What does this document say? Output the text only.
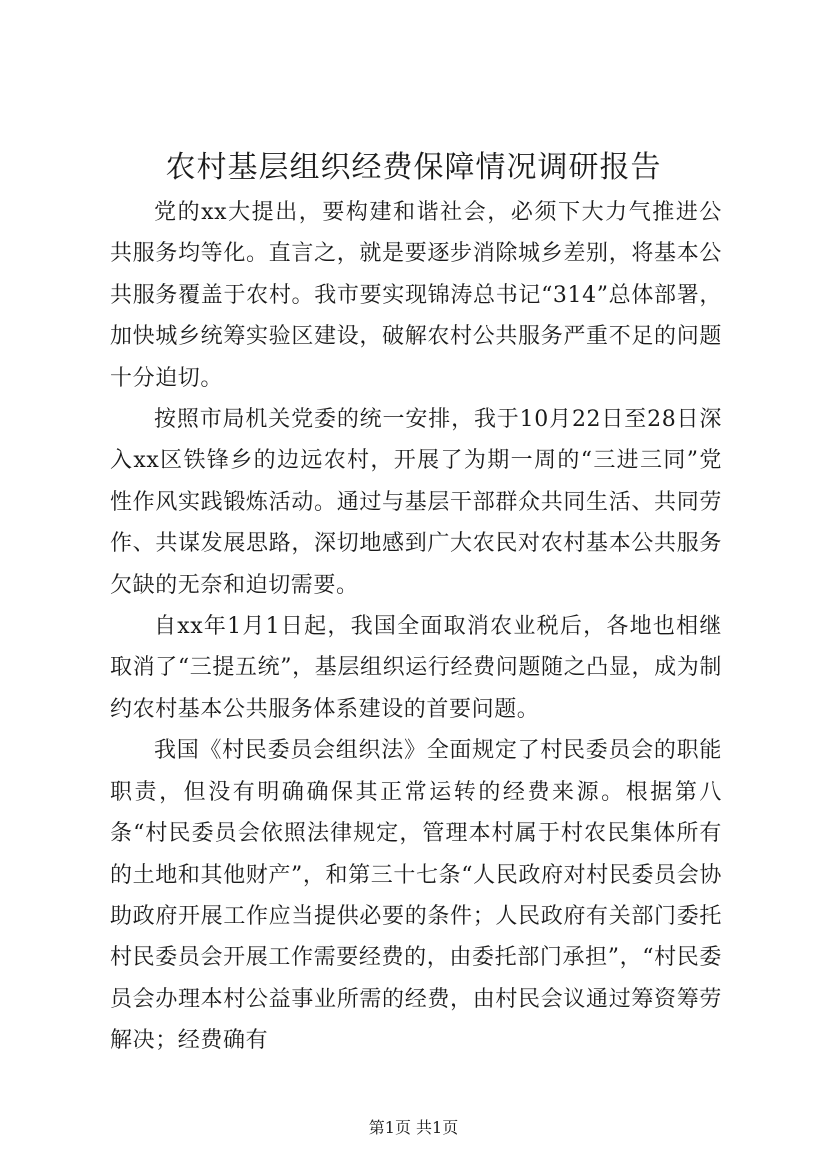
农村基层组织经费保障情况调研报告

党的xx大提出，要构建和谐社会，必须下大力气推进公共服务均等化。直言之，就是要逐步消除城乡差别，将基本公共服务覆盖于农村。我市要实现锦涛总书记“314”总体部署，加快城乡统筹实验区建设，破解农村公共服务严重不足的问题十分迫切。

按照市局机关党委的统一安排，我于10月22日至28日深入xx区铁锋乡的边远农村，开展了为期一周的“三进三同”党性作风实践锻炼活动。通过与基层干部群众共同生活、共同劳作、共谋发展思路，深切地感到广大农民对农村基本公共服务欠缺的无奈和迫切需要。

自xx年1月1日起，我国全面取消农业税后，各地也相继取消了“三提五统”，基层组织运行经费问题随之凸显，成为制约农村基本公共服务体系建设的首要问题。

我国《村民委员会组织法》全面规定了村民委员会的职能职责，但没有明确确保其正常运转的经费来源。根据第八条“村民委员会依照法律规定，管理本村属于村农民集体所有的土地和其他财产”，和第三十七条“人民政府对村民委员会协助政府开展工作应当提供必要的条件；人民政府有关部门委托村民委员会开展工作需要经费的，由委托部门承担”，“村民委员会办理本村公益事业所需的经费，由村民会议通过筹资筹劳解决；经费确有

第1页 共1页
